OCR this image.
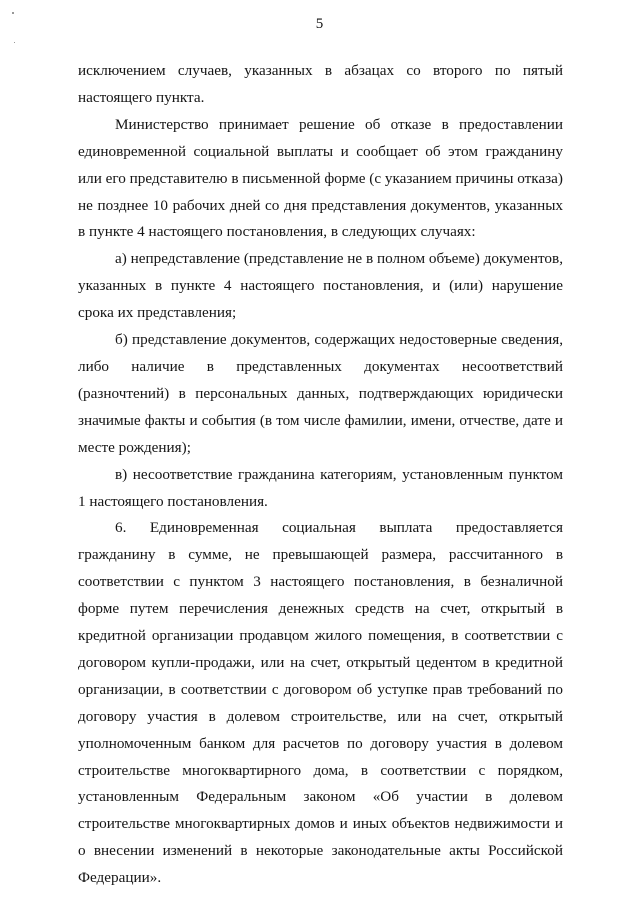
5

исключением случаев, указанных в абзацах со второго по пятый настоящего пункта.

Министерство принимает решение об отказе в предоставлении единовременной социальной выплаты и сообщает об этом гражданину или его представителю в письменной форме (с указанием причины отказа) не позднее 10 рабочих дней со дня представления документов, указанных в пункте 4 настоящего постановления, в следующих случаях:

а) непредставление (представление не в полном объеме) документов, указанных в пункте 4 настоящего постановления, и (или) нарушение срока их представления;

б) представление документов, содержащих недостоверные сведения, либо наличие в представленных документах несоответствий (разночтений) в персональных данных, подтверждающих юридически значимые факты и события (в том числе фамилии, имени, отчестве, дате и месте рождения);

в) несоответствие гражданина категориям, установленным пунктом 1 настоящего постановления.

6. Единовременная социальная выплата предоставляется гражданину в сумме, не превышающей размера, рассчитанного в соответствии с пунктом 3 настоящего постановления, в безналичной форме путем перечисления денежных средств на счет, открытый в кредитной организации продавцом жилого помещения, в соответствии с договором купли-продажи, или на счет, открытый цедентом в кредитной организации, в соответствии с договором об уступке прав требований по договору участия в долевом строительстве, или на счет, открытый уполномоченным банком для расчетов по договору участия в долевом строительстве многоквартирного дома, в соответствии с порядком, установленным Федеральным законом «Об участии в долевом строительстве многоквартирных домов и иных объектов недвижимости и о внесении изменений в некоторые законодательные акты Российской Федерации».
